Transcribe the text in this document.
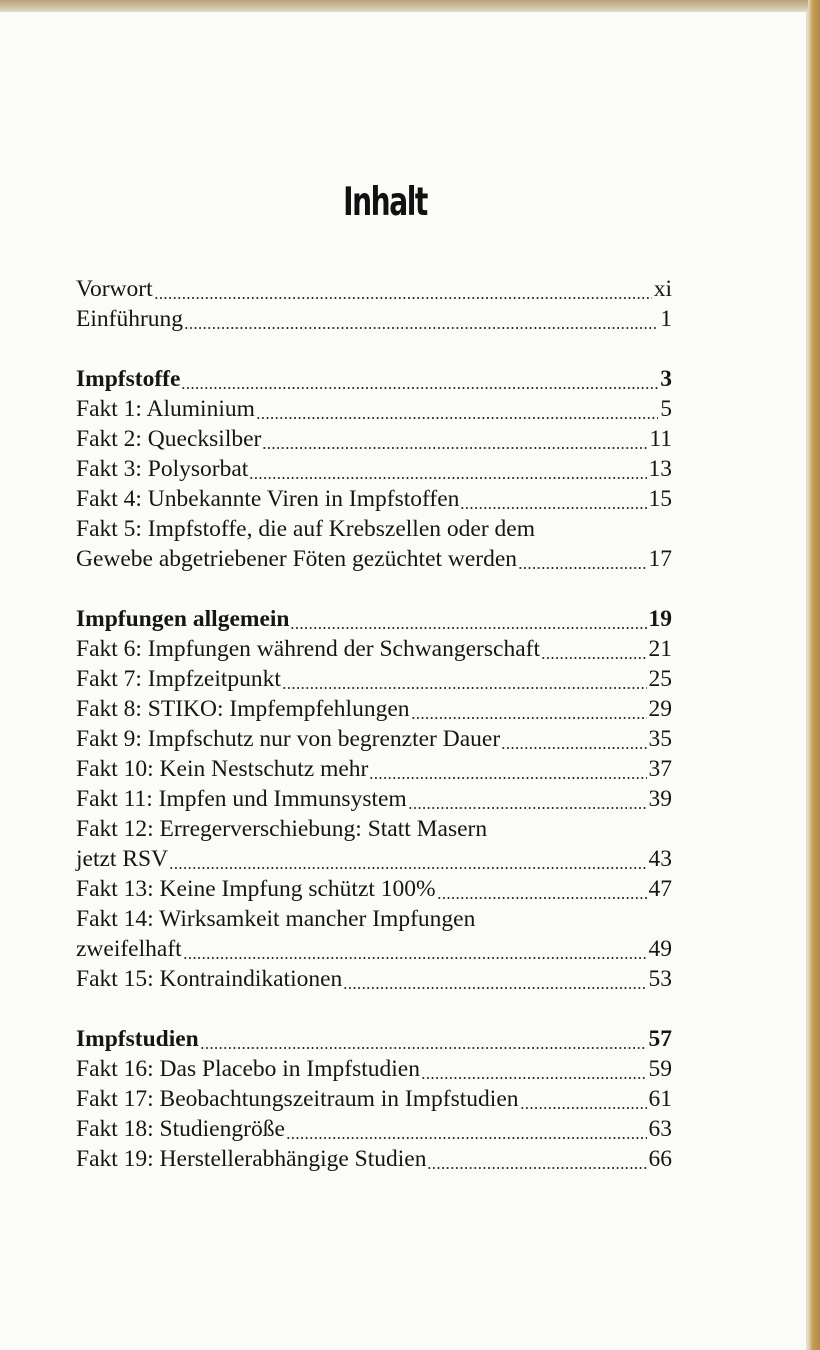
Inhalt
Vorwort	xi
Einführung	1
Impfstoffe	3
Fakt 1: Aluminium	5
Fakt 2: Quecksilber	11
Fakt 3: Polysorbat	13
Fakt 4: Unbekannte Viren in Impfstoffen	15
Fakt 5: Impfstoffe, die auf Krebszellen oder dem
Gewebe abgetriebener Föten gezüchtet werden	17
Impfungen allgemein	19
Fakt 6: Impfungen während der Schwangerschaft	21
Fakt 7: Impfzeitpunkt	25
Fakt 8: STIKO: Impfempfehlungen	29
Fakt 9: Impfschutz nur von begrenzter Dauer	35
Fakt 10: Kein Nestschutz mehr	37
Fakt 11: Impfen und Immunsystem	39
Fakt 12: Erregerverschiebung: Statt Masern
jetzt RSV	43
Fakt 13: Keine Impfung schützt 100%	47
Fakt 14: Wirksamkeit mancher Impfungen
zweifelhaft	49
Fakt 15: Kontraindikationen	53
Impfstudien	57
Fakt 16: Das Placebo in Impfstudien	59
Fakt 17: Beobachtungszeitraum in Impfstudien	61
Fakt 18: Studiengröße	63
Fakt 19: Herstellerabhängige Studien	66
